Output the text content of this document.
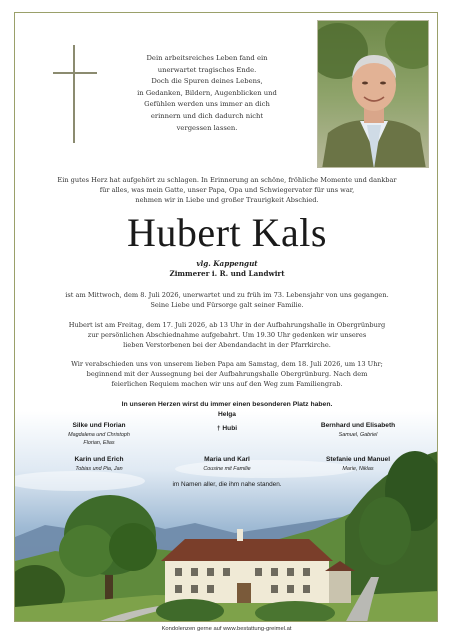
Dein arbeitsreiches Leben fand ein
unerwartet tragisches Ende.
Doch die Spuren deines Lebens,
in Gedanken, Bildern, Augenblicken und
Gefühlen werden uns immer an dich
erinnern und dich dadurch nicht
vergessen lassen.
Ein gutes Herz hat aufgehört zu schlagen. In Erinnerung an schöne, fröhliche Momente und dankbar
für alles, was mein Gatte, unser Papa, Opa und Schwiegervater für uns war,
nehmen wir in Liebe und großer Traurigkeit Abschied.
Hubert Kals
vlg. Kappengut
Zimmerer i. R. und Landwirt
ist am Mittwoch, dem 8. Juli 2026, unerwartet und zu früh im 73. Lebensjahr von uns gegangen.
Seine Liebe und Fürsorge galt seiner Familie.
Hubert ist am Freitag, dem 17. Juli 2026, ab 13 Uhr in der Aufbahrungshalle in Obergrünburg
zur persönlichen Abschiednahme aufgebahrt. Um 19.30 Uhr gedenken wir unseres
lieben Verstorbenen bei der Abendandacht in der Pfarrkirche.
Wir verabschieden uns von unserem lieben Papa am Samstag, dem 18. Juli 2026, um 13 Uhr;
beginnend mit der Aussegnung bei der Aufbahrungshalle Obergrünburg. Nach dem
feierlichen Requiem machen wir uns auf den Weg zum Familiengrab.
In unseren Herzen wirst du immer einen besonderen Platz haben.
Helga
† Hubi
Silke und Florian
Magdalena und Christoph
Florian, Elias
Bernhard und Elisabeth
Samuel, Gabriel
Karin und Erich
Tobias und Pia, Jan
Maria und Karl
Cousine mit Familie
Stefanie und Manuel
Marie, Niklas
im Namen aller, die ihm nahe standen.
Kondolenzen gerne auf www.bestattung-greimel.at
